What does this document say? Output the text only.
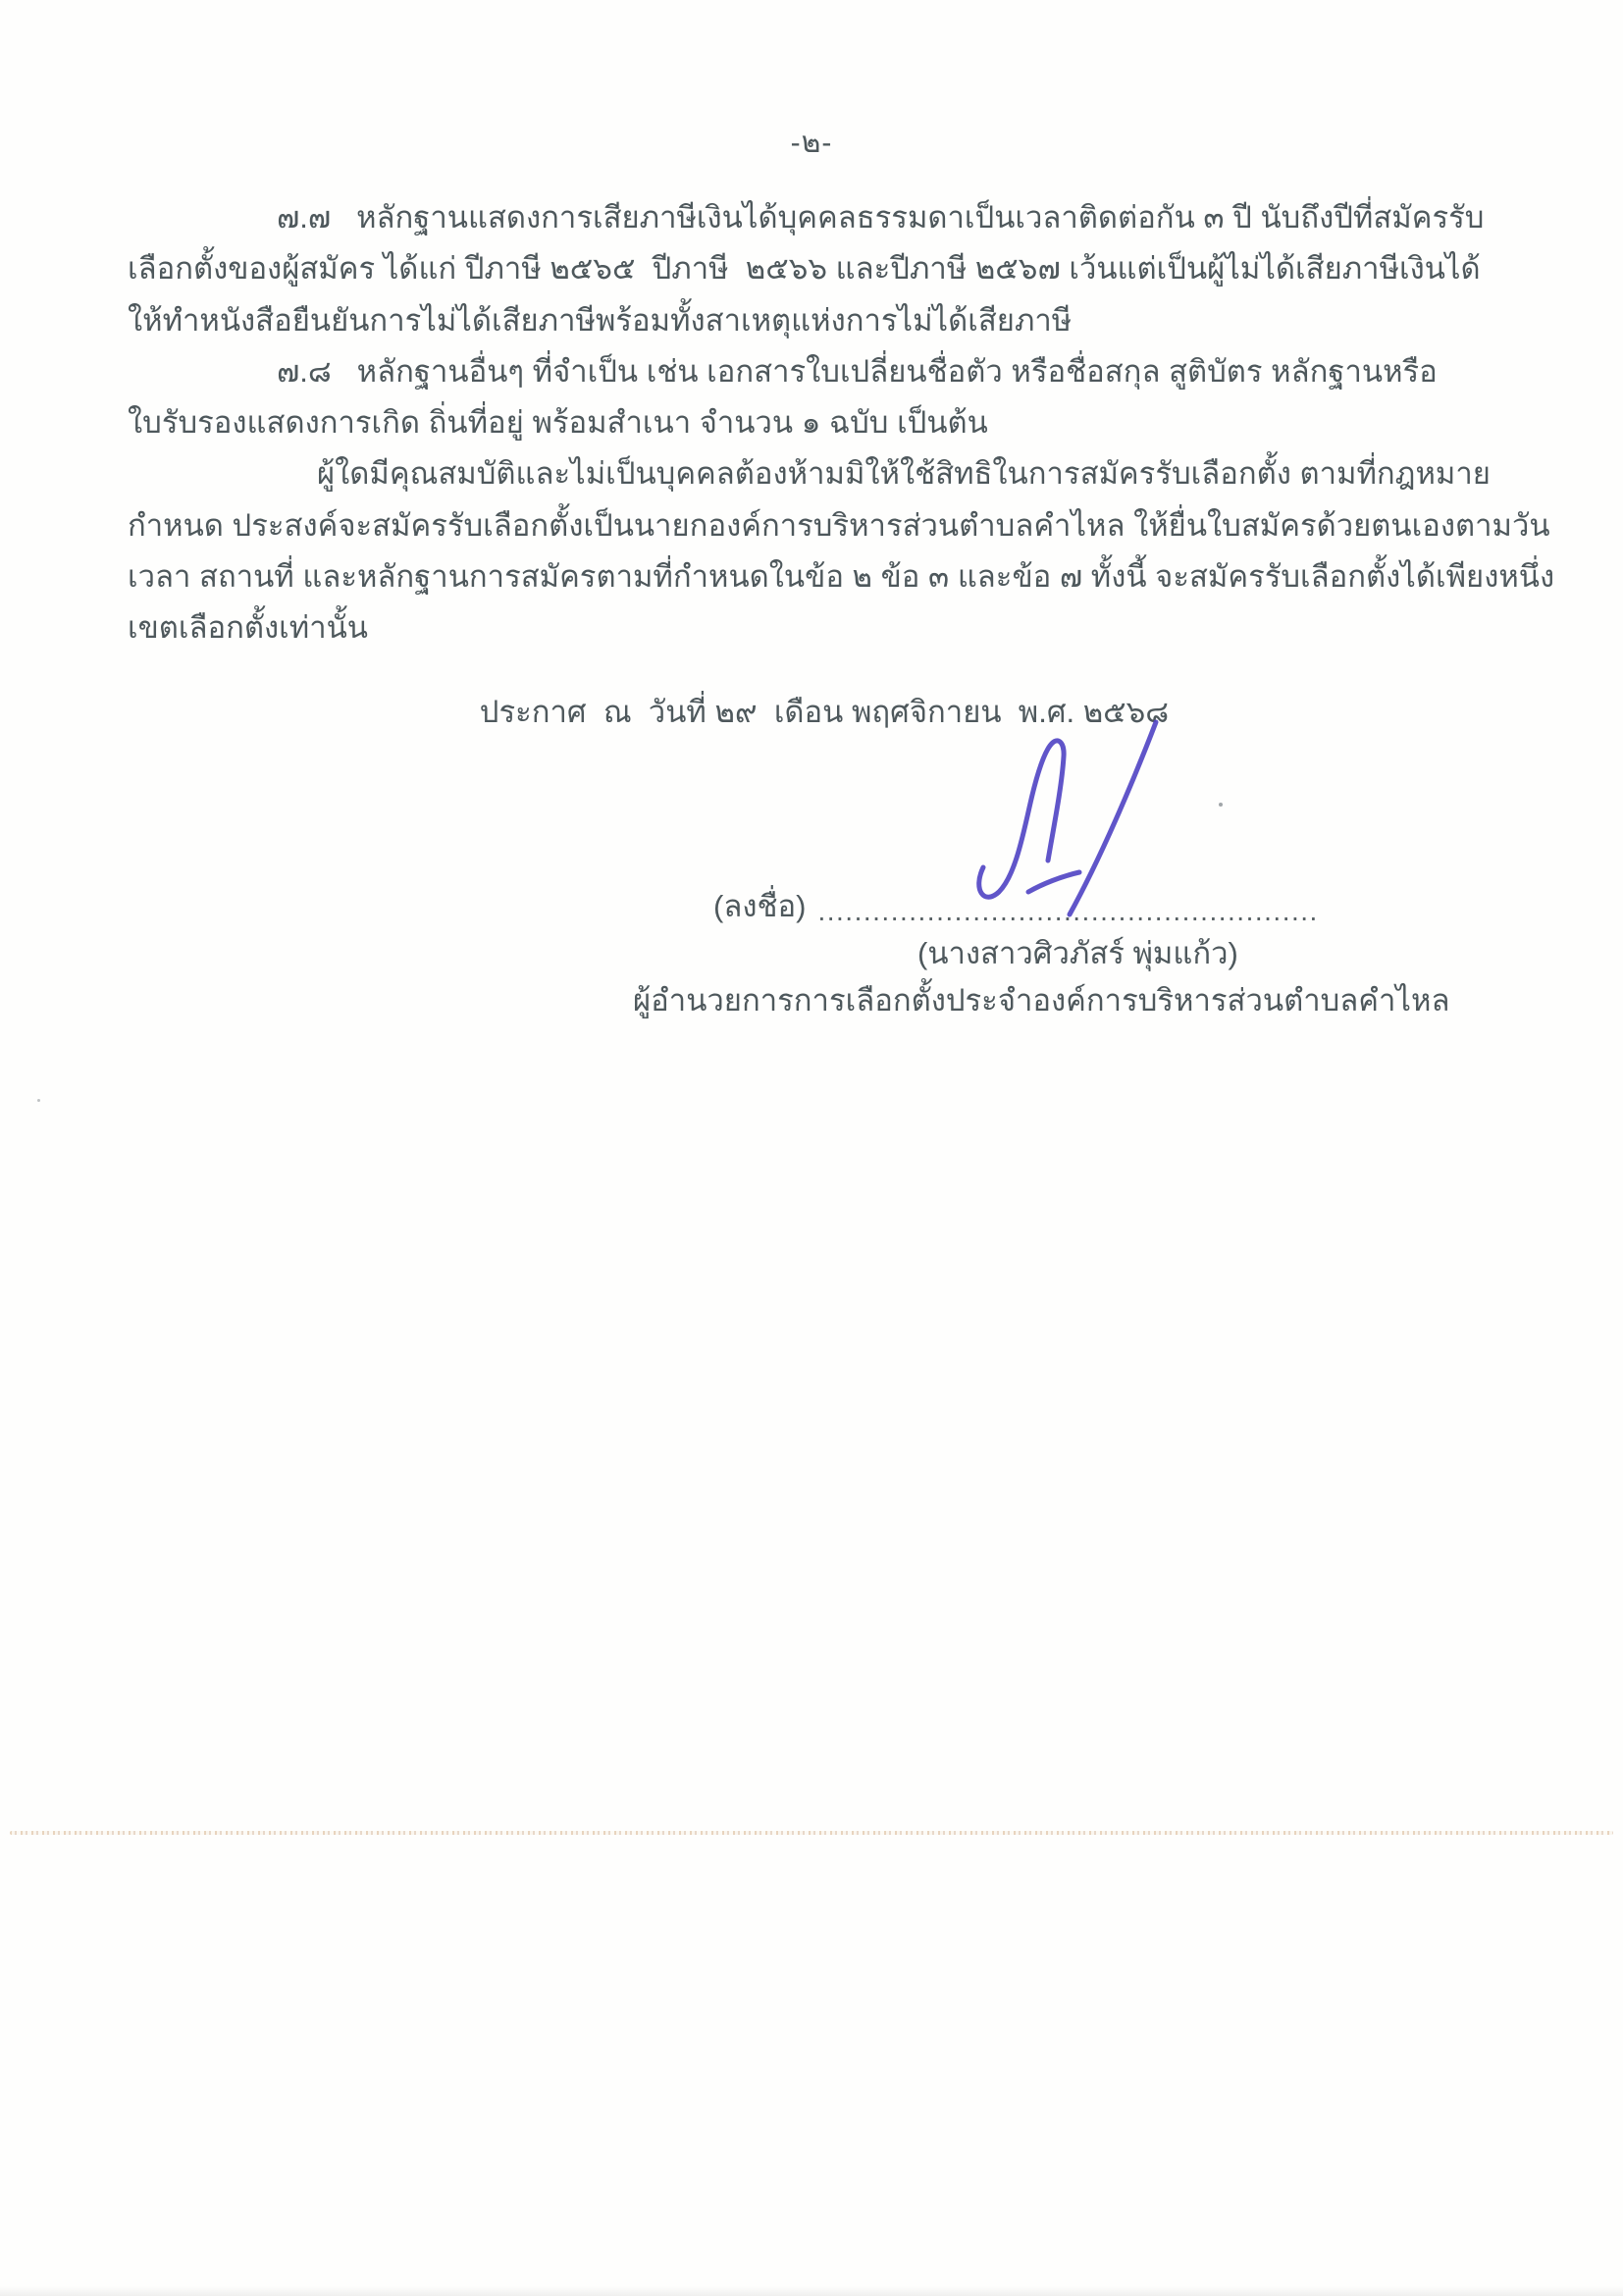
-๒-
๗.๗   หลักฐานแสดงการเสียภาษีเงินได้บุคคลธรรมดาเป็นเวลาติดต่อกัน ๓ ปี นับถึงปีที่สมัครรับ
เลือกตั้งของผู้สมัคร ได้แก่ ปีภาษี ๒๕๖๕  ปีภาษี  ๒๕๖๖ และปีภาษี ๒๕๖๗ เว้นแต่เป็นผู้ไม่ได้เสียภาษีเงินได้
ให้ทำหนังสือยืนยันการไม่ได้เสียภาษีพร้อมทั้งสาเหตุแห่งการไม่ได้เสียภาษี
๗.๘   หลักฐานอื่นๆ ที่จำเป็น เช่น เอกสารใบเปลี่ยนชื่อตัว หรือชื่อสกุล สูติบัตร หลักฐานหรือ
ใบรับรองแสดงการเกิด ถิ่นที่อยู่ พร้อมสำเนา จำนวน ๑ ฉบับ เป็นต้น
ผู้ใดมีคุณสมบัติและไม่เป็นบุคคลต้องห้ามมิให้ใช้สิทธิในการสมัครรับเลือกตั้ง ตามที่กฎหมาย
กำหนด ประสงค์จะสมัครรับเลือกตั้งเป็นนายกองค์การบริหารส่วนตำบลคำไหล ให้ยื่นใบสมัครด้วยตนเองตามวัน
เวลา สถานที่ และหลักฐานการสมัครตามที่กำหนดในข้อ ๒ ข้อ ๓ และข้อ ๗ ทั้งนี้ จะสมัครรับเลือกตั้งได้เพียงหนึ่ง
เขตเลือกตั้งเท่านั้น
ประกาศ  ณ  วันที่ ๒๙  เดือน พฤศจิกายน  พ.ศ. ๒๕๖๘
(ลงชื่อ) .......................................................
(นางสาวศิวภัสร์ พุ่มแก้ว)
ผู้อำนวยการการเลือกตั้งประจำองค์การบริหารส่วนตำบลคำไหล
